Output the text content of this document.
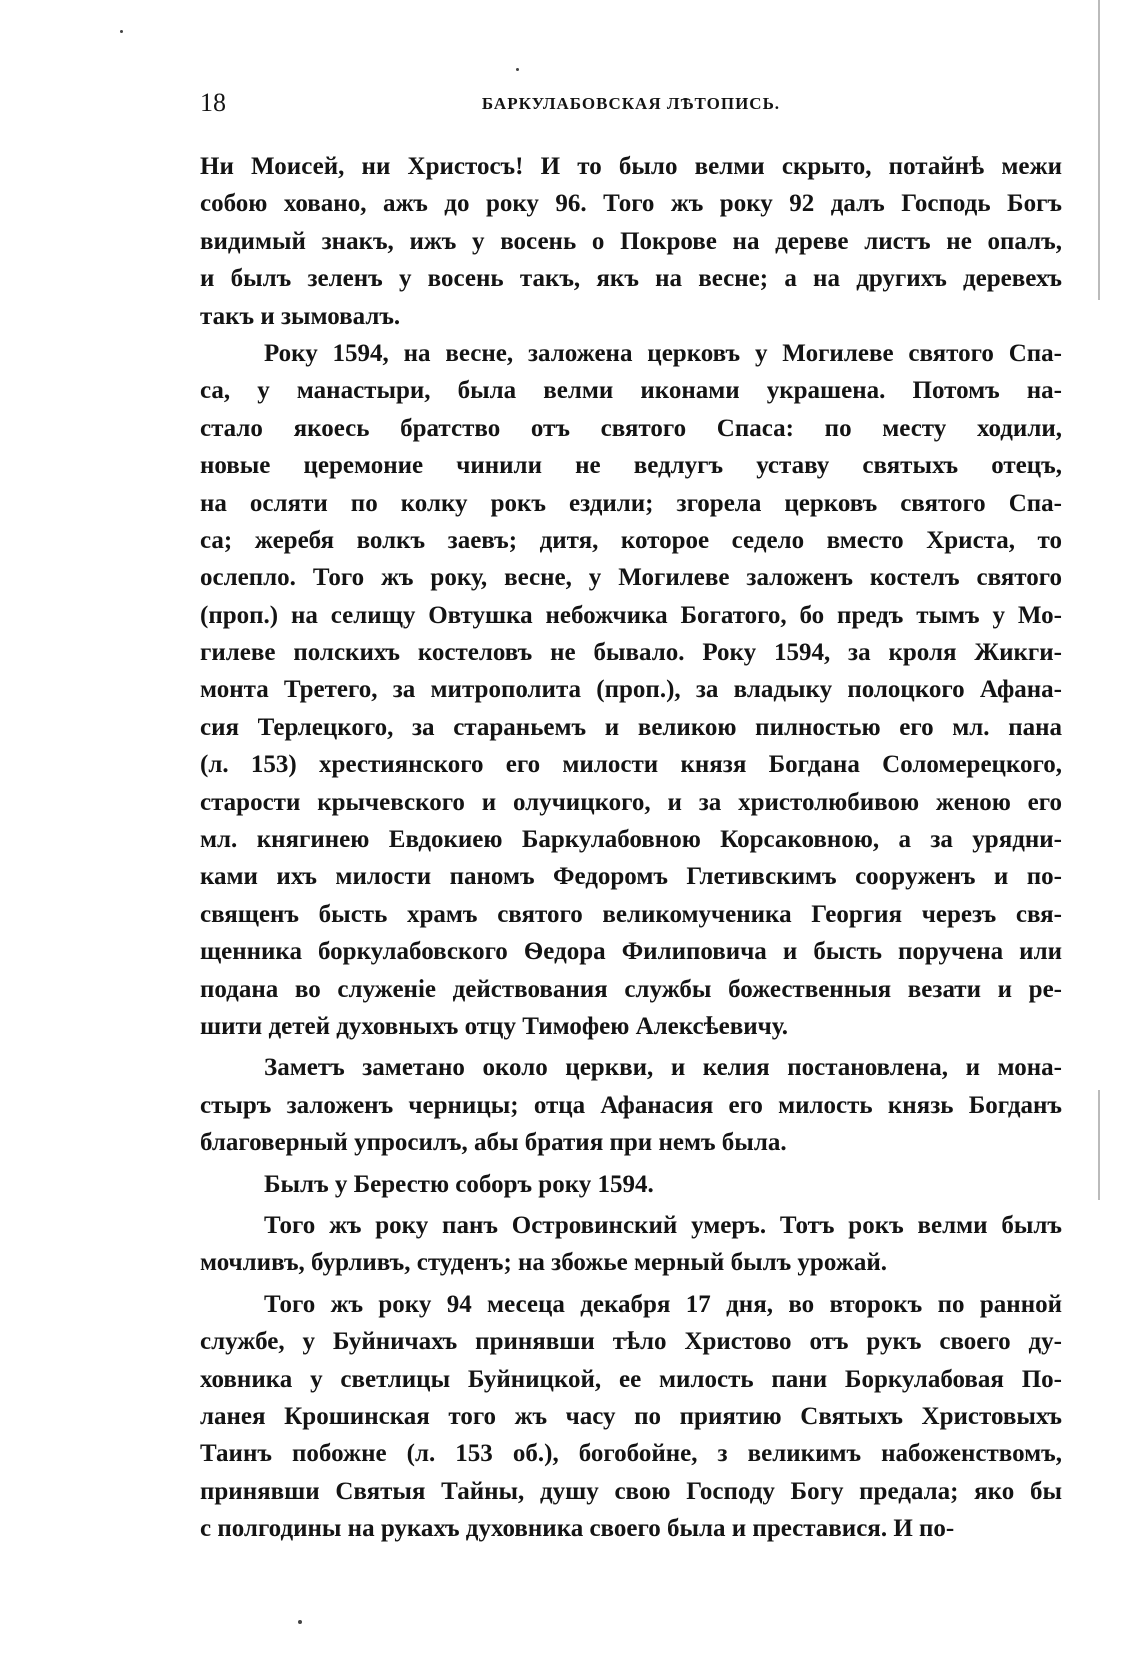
18	БАРКУЛАБОВСКАЯ ЛѢТОПИСЬ.
Ни Моисей, ни Христосъ! И то было велми скрыто, потайнѣ межи
собою ховано, ажъ до року 96. Того жъ року 92 далъ Господь Богъ
видимый знакъ, ижъ у восень о Покрове на дереве листъ не опалъ,
и былъ зеленъ у восень такъ, якъ на весне; а на другихъ деревехъ
такъ и зымовалъ.
Року 1594, на весне, заложена церковъ у Могилеве святого Спа-
са, у манастыри, была велми иконами украшена. Потомъ на-
стало якоесь братство отъ святого Спаса: по месту ходили,
новые церемоние чинили не ведлугъ уставу святыхъ отецъ,
на осляти по колку рокъ ездили; згорела церковъ святого Спа-
са; жеребя волкъ заевъ; дитя, которое седело вместо Христа, то
ослепло. Того жъ року, весне, у Могилеве заложенъ костелъ святого
(проп.) на селищу Овтушка небожчика Богатого, бо предъ тымъ у Мо-
гилеве полскихъ костеловъ не бывало. Року 1594, за кроля Жикги-
монта Третего, за митрополита (проп.), за владыку полоцкого Афана-
сия Терлецкого, за стараньемъ и великою пилностью его мл. пана
(л. 153) хрестиянского его милости князя Богдана Соломерецкого,
старости крычевского и олучицкого, и за христолюбивою женою его
мл. княгинею Евдокиею Баркулабовною Корсаковною, а за урядни-
ками ихъ милости паномъ Федоромъ Глетивскимъ соорyженъ и по-
священъ бысть храмъ святого великомученика Георгия черезъ свя-
щенника боркулабовского Ѳедора Филиповича и бысть поручена или
подана во служеніе действования службы божественныя везати и ре-
шити детей духовныхъ отцу Тимофею Алексѣевичу.
Заметъ заметано около церкви, и келия постановлена, и мона-
стыръ заложенъ черницы; отца Афанасия его милость князь Богданъ
благоверный упросилъ, абы братия при немъ была.
Былъ у Берестю соборъ року 1594.
Того жъ року панъ Островинский умеръ. Тотъ рокъ велми былъ
мочливъ, бурливъ, студенъ; на збожье мерный былъ урожай.
Того жъ року 94 месеца декабря 17 дня, во вторoкъ по ранной
службе, у Буйничахъ принявши тѣло Христово отъ рукъ своего ду-
ховника у светлицы Буйницкой, ее милость пани Боркулабовая По-
ланея Крошинская того жъ часу по приятию Святыхъ Христовыхъ
Таинъ побожне (л. 153 об.), богобойне, з великимъ набоженствомъ,
принявши Святыя Тайны, душу свою Господу Богу предала; яко бы
с полгодины на рукахъ духовника своего была и преставися. И по-
